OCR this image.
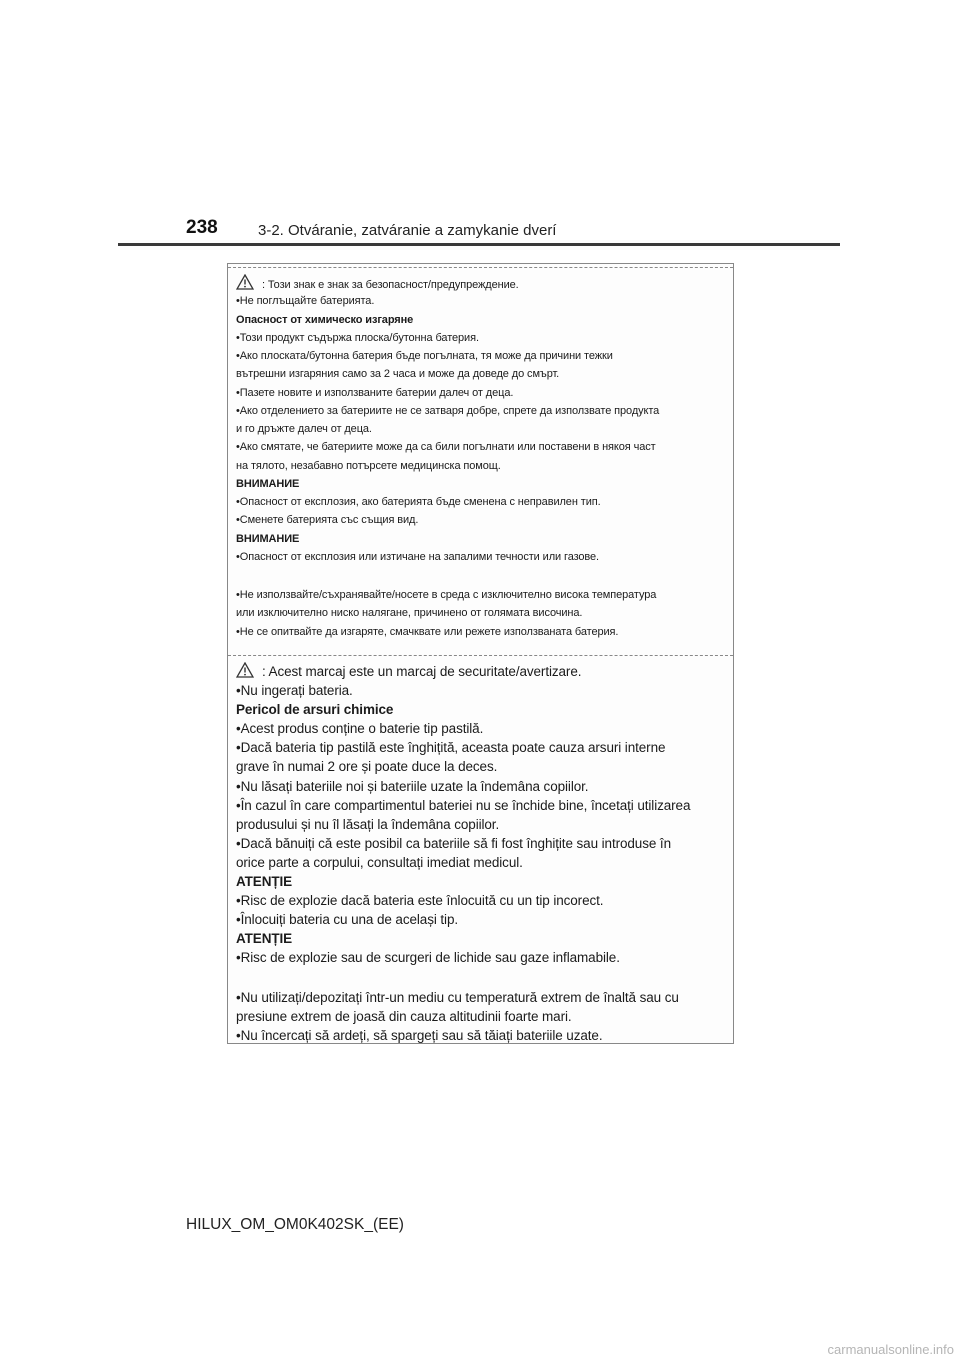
238	3-2. Otváranie, zatváranie a zamykanie dverí
: Този знак е знак за безопасност/предупреждение.
•Не поглъщайте батерията.
Опасност от химическо изгаряне
•Този продукт съдържа плоска/бутонна батерия.
•Ако плоската/бутонна батерия бъде погълната, тя може да причини тежки
вътрешни изгаряния само за 2 часа и може да доведе до смърт.
•Пазете новите и използваните батерии далеч от деца.
•Ако отделението за батериите не се затваря добре, спрете да използвате продукта
и го дръжте далеч от деца.
•Ако смятате, че батериите може да са били погълнати или поставени в някоя част
на тялото, незабавно потърсете медицинска помощ.
ВНИМАНИЕ
•Опасност от експлозия, ако батерията бъде сменена с неправилен тип.
•Сменете батерията със същия вид.
ВНИМАНИЕ
•Опасност от експлозия или изтичане на запалими течности или газове.
•Не използвайте/съхранявайте/носете в среда с изключително висока температура
или изключително ниско налягане, причинено от голямата височина.
•Не се опитвайте да изгаряте, смачквате или режете използваната батерия.
: Acest marcaj este un marcaj de securitate/avertizare.
•Nu ingerați bateria.
Pericol de arsuri chimice
•Acest produs conține o baterie tip pastilă.
•Dacă bateria tip pastilă este înghițită, aceasta poate cauza arsuri interne
grave în numai 2 ore și poate duce la deces.
•Nu lăsați bateriile noi și bateriile uzate la îndemâna copiilor.
•În cazul în care compartimentul bateriei nu se închide bine, încetați utilizarea
produsului și nu îl lăsați la îndemâna copiilor.
•Dacă bănuiți că este posibil ca bateriile să fi fost înghițite sau introduse în
orice parte a corpului, consultați imediat medicul.
ATENȚIE
•Risc de explozie dacă bateria este înlocuită cu un tip incorect.
•Înlocuiți bateria cu una de același tip.
ATENȚIE
•Risc de explozie sau de scurgeri de lichide sau gaze inflamabile.
•Nu utilizați/depozitați într-un mediu cu temperatură extrem de înaltă sau cu
presiune extrem de joasă din cauza altitudinii foarte mari.
•Nu încercați să ardeți, să spargeți sau să tăiați bateriile uzate.
HILUX_OM_OM0K402SK_(EE)
carmanualsonline.info
